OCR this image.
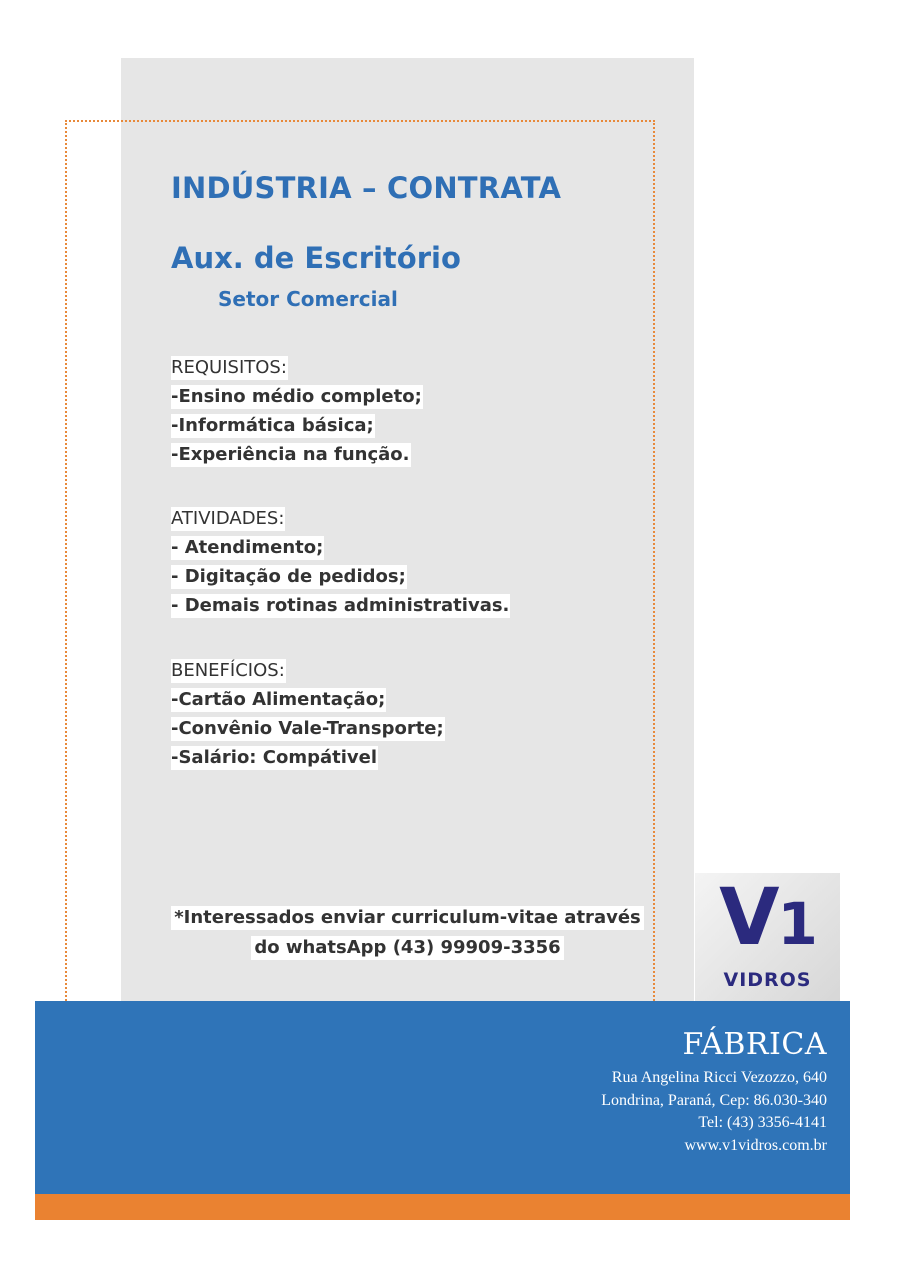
INDÚSTRIA – CONTRATA
Aux. de Escritório
Setor Comercial
REQUISITOS:
-Ensino médio completo;
-Informática básica;
-Experiência na função.
ATIVIDADES:
- Atendimento;
- Digitação de pedidos;
- Demais rotinas administrativas.
BENEFÍCIOS:
-Cartão Alimentação;
-Convênio Vale-Transporte;
-Salário: Compátivel
*Interessados enviar curriculum-vitae através
do whatsApp (43) 99909-3356	V1
VIDROS
FÁBRICA
Rua Angelina Ricci Vezozzo, 640
Londrina, Paraná, Cep: 86.030-340
Tel: (43) 3356-4141
www.v1vidros.com.br
